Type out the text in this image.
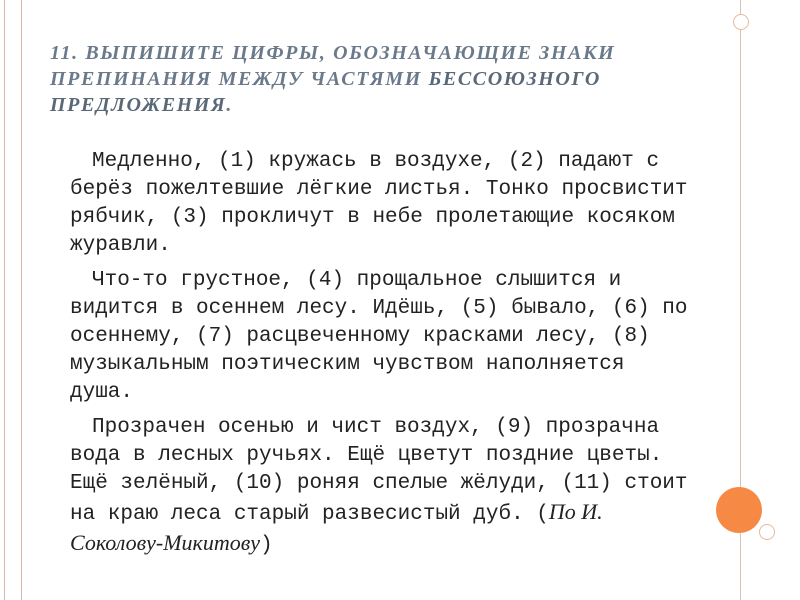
11. ВЫПИШИТЕ ЦИФРЫ, ОБОЗНАЧАЮЩИЕ ЗНАКИ ПРЕПИНАНИЯ МЕЖДУ ЧАСТЯМИ БЕССОЮЗНОГО ПРЕДЛОЖЕНИЯ.

Медленно, (1) кружась в воздухе, (2) падают с берёз пожелтевшие лёгкие листья. Тонко просвистит рябчик, (3) прокличут в небе пролетающие косяком журавли.

Что-то грустное, (4) прощальное слышится и видится в осеннем лесу. Идёшь, (5) бывало, (6) по осеннему, (7) расцвеченному красками лесу, (8) музыкальным поэтическим чувством наполняется душа.

Прозрачен осенью и чист воздух, (9) прозрачна вода в лесных ручьях. Ещё цветут поздние цветы. Ещё зелёный, (10) роняя спелые жёлуди, (11) стоит на краю леса старый развесистый дуб. (По И. Соколову-Микитову)
